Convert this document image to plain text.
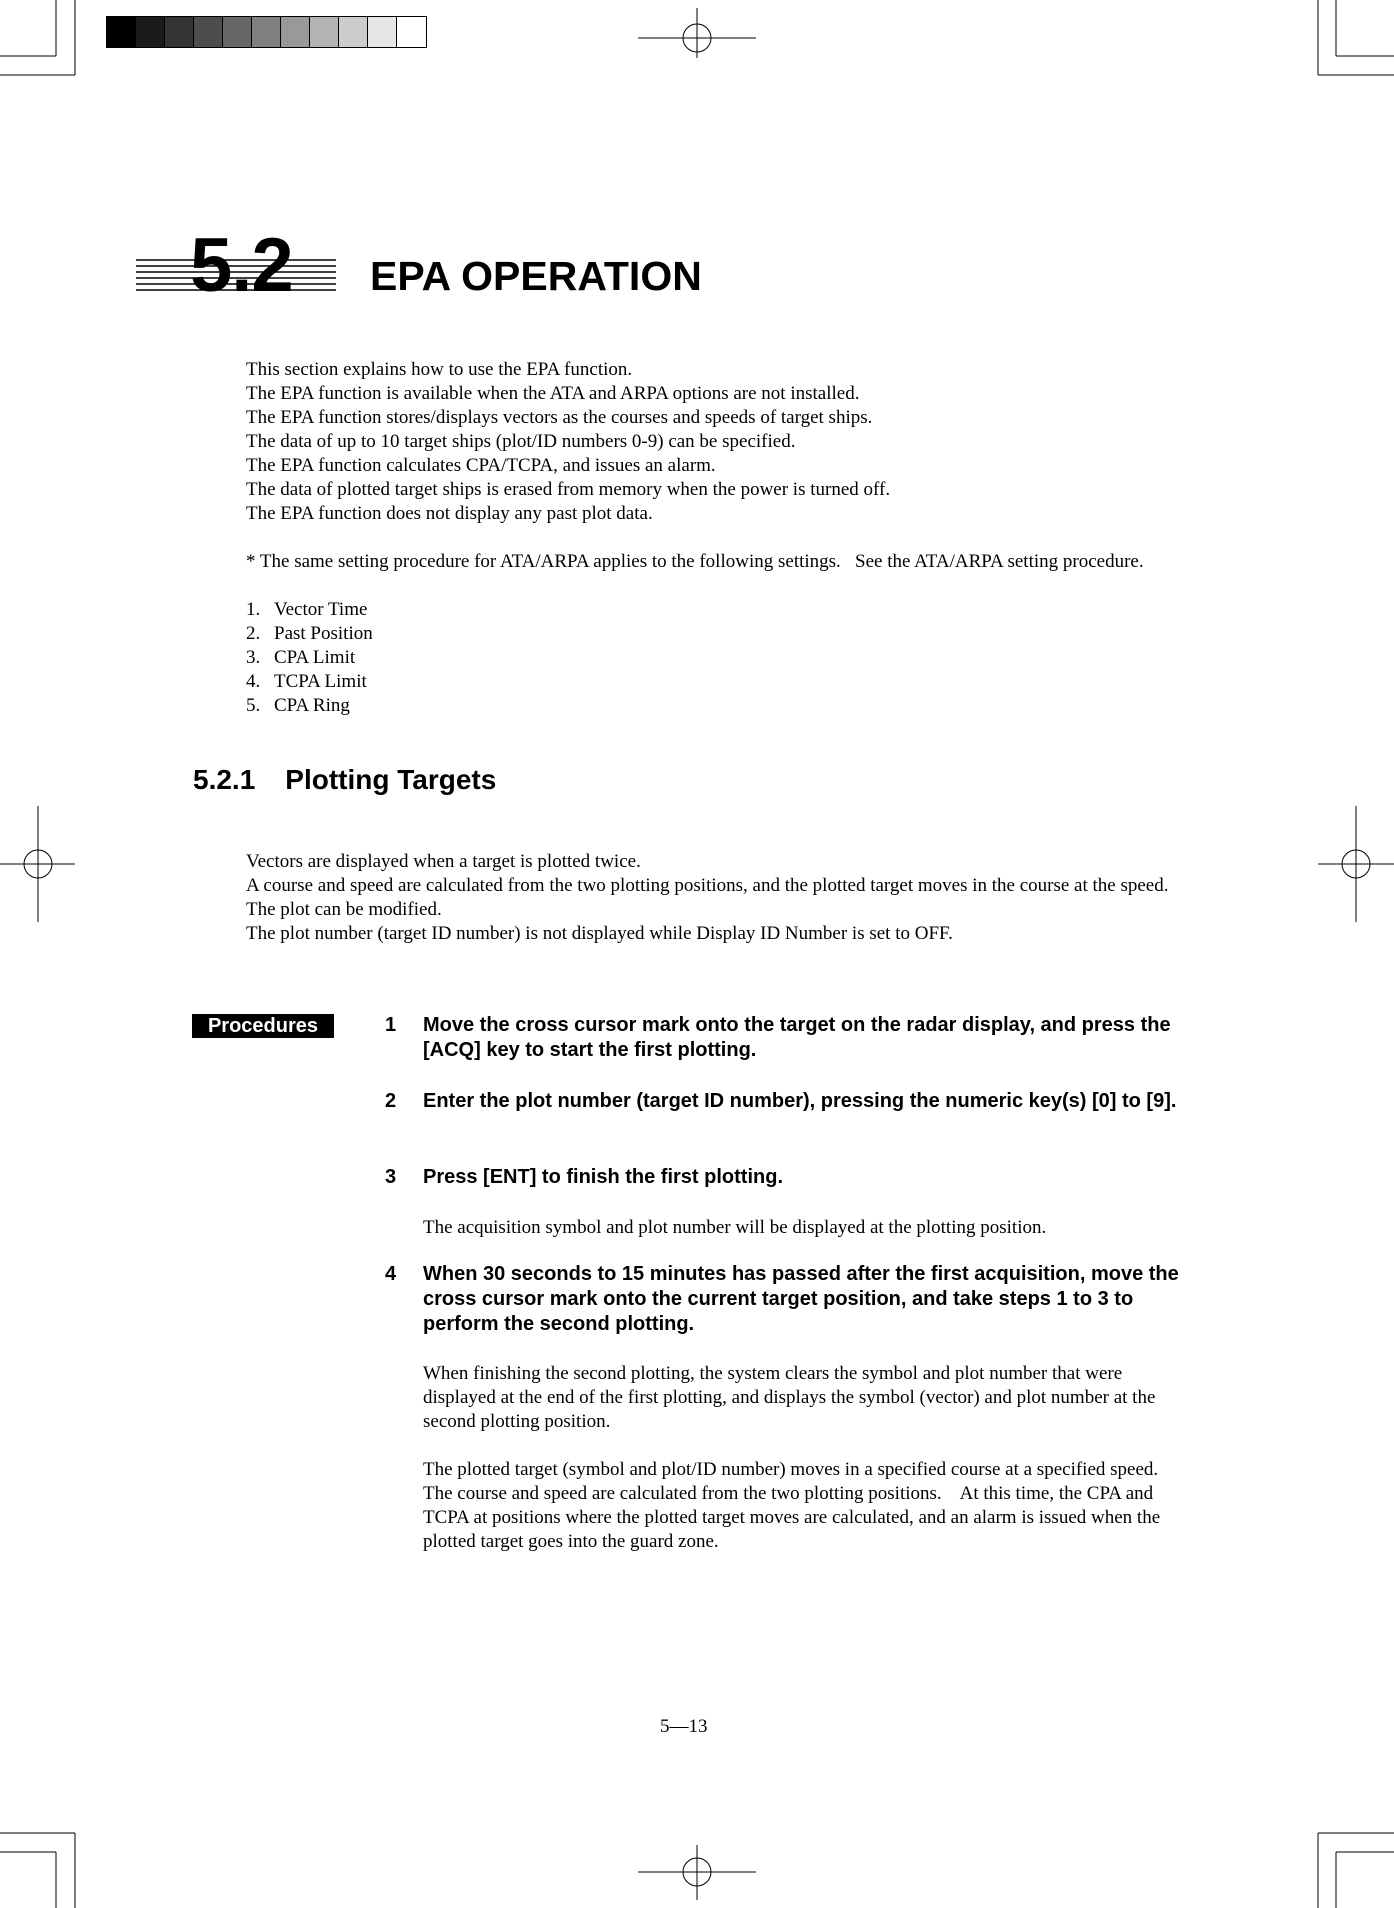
5.2 EPA OPERATION
This section explains how to use the EPA function.
The EPA function is available when the ATA and ARPA options are not installed.
The EPA function stores/displays vectors as the courses and speeds of target ships.
The data of up to 10 target ships (plot/ID numbers 0-9) can be specified.
The EPA function calculates CPA/TCPA, and issues an alarm.
The data of plotted target ships is erased from memory when the power is turned off.
The EPA function does not display any past plot data.
* The same setting procedure for ATA/ARPA applies to the following settings.   See the ATA/ARPA setting procedure.
1. Vector Time
2. Past Position
3. CPA Limit
4. TCPA Limit
5. CPA Ring
5.2.1 Plotting Targets
Vectors are displayed when a target is plotted twice.
A course and speed are calculated from the two plotting positions, and the plotted target moves in the course at the speed.
The plot can be modified.
The plot number (target ID number) is not displayed while Display ID Number is set to OFF.
Procedures	1	Move the cross cursor mark onto the target on the radar display, and press the [ACQ] key to start the first plotting.
2	Enter the plot number (target ID number), pressing the numeric key(s) [0] to [9].
3	Press [ENT] to finish the first plotting.
The acquisition symbol and plot number will be displayed at the plotting position.
4	When 30 seconds to 15 minutes has passed after the first acquisition, move the cross cursor mark onto the current target position, and take steps 1 to 3 to perform the second plotting.
When finishing the second plotting, the system clears the symbol and plot number that were displayed at the end of the first plotting, and displays the symbol (vector) and plot number at the second plotting position.
The plotted target (symbol and plot/ID number) moves in a specified course at a specified speed.    The course and speed are calculated from the two plotting positions.    At this time, the CPA and TCPA at positions where the plotted target moves are calculated, and an alarm is issued when the plotted target goes into the guard zone.
5—13
